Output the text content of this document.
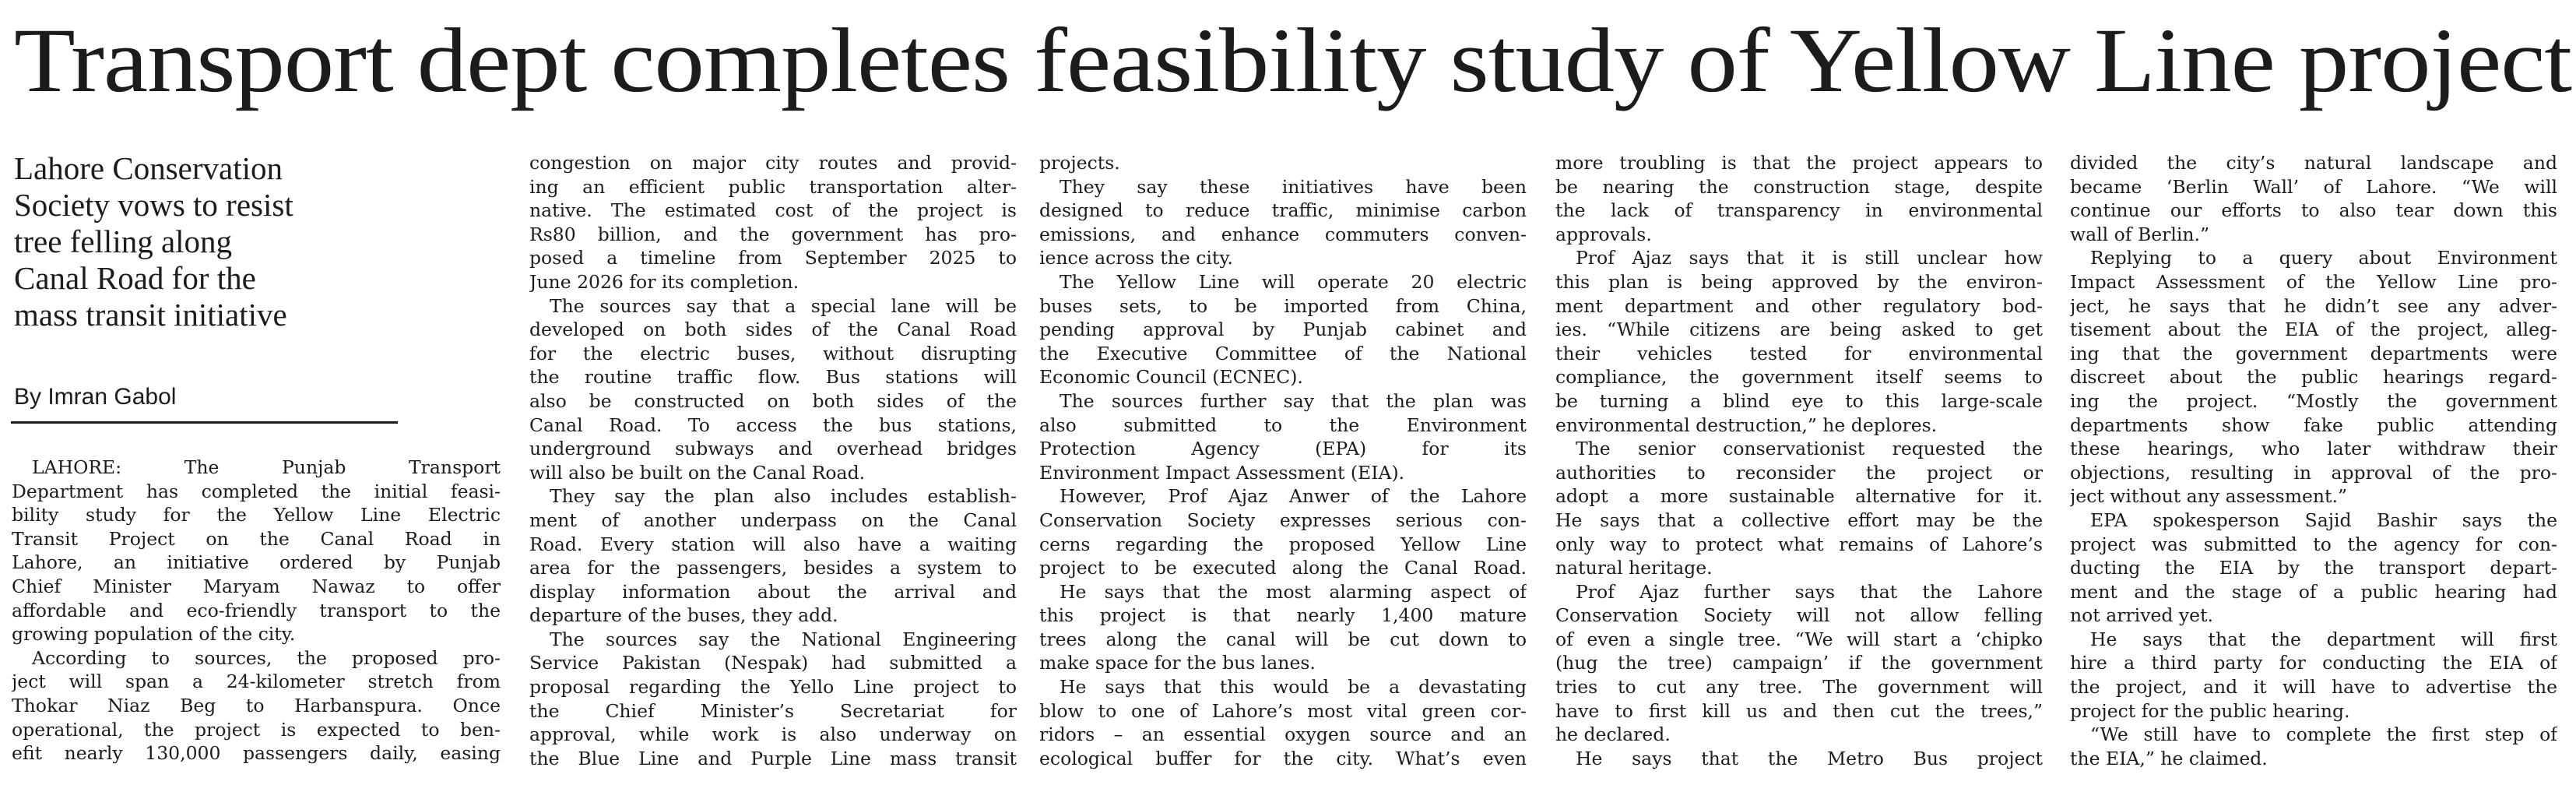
Transport dept completes feasibility study of Yellow Line project
Lahore Conservation
Society vows to resist
tree felling along
Canal Road for the
mass transit initiative
By Imran Gabol
LAHORE: The Punjab Transport
Department has completed the initial feasi-
bility study for the Yellow Line Electric
Transit Project on the Canal Road in
Lahore, an initiative ordered by Punjab
Chief Minister Maryam Nawaz to offer
affordable and eco-friendly transport to the
growing population of the city.
According to sources, the proposed pro-
ject will span a 24-kilometer stretch from
Thokar Niaz Beg to Harbanspura. Once
operational, the project is expected to ben-
efit nearly 130,000 passengers daily, easing
congestion on major city routes and provid-
ing an efficient public transportation alter-
native. The estimated cost of the project is
Rs80 billion, and the government has pro-
posed a timeline from September 2025 to
June 2026 for its completion.
The sources say that a special lane will be
developed on both sides of the Canal Road
for the electric buses, without disrupting
the routine traffic flow. Bus stations will
also be constructed on both sides of the
Canal Road. To access the bus stations,
underground subways and overhead bridges
will also be built on the Canal Road.
They say the plan also includes establish-
ment of another underpass on the Canal
Road. Every station will also have a waiting
area for the passengers, besides a system to
display information about the arrival and
departure of the buses, they add.
The sources say the National Engineering
Service Pakistan (Nespak) had submitted a
proposal regarding the Yello Line project to
the Chief Minister’s Secretariat for
approval, while work is also underway on
the Blue Line and Purple Line mass transit
projects.
They say these initiatives have been
designed to reduce traffic, minimise carbon
emissions, and enhance commuters conven-
ience across the city.
The Yellow Line will operate 20 electric
buses sets, to be imported from China,
pending approval by Punjab cabinet and
the Executive Committee of the National
Economic Council (ECNEC).
The sources further say that the plan was
also submitted to the Environment
Protection Agency (EPA) for its
Environment Impact Assessment (EIA).
However, Prof Ajaz Anwer of the Lahore
Conservation Society expresses serious con-
cerns regarding the proposed Yellow Line
project to be executed along the Canal Road.
He says that the most alarming aspect of
this project is that nearly 1,400 mature
trees along the canal will be cut down to
make space for the bus lanes.
He says that this would be a devastating
blow to one of Lahore’s most vital green cor-
ridors – an essential oxygen source and an
ecological buffer for the city. What’s even
more troubling is that the project appears to
be nearing the construction stage, despite
the lack of transparency in environmental
approvals.
Prof Ajaz says that it is still unclear how
this plan is being approved by the environ-
ment department and other regulatory bod-
ies. “While citizens are being asked to get
their vehicles tested for environmental
compliance, the government itself seems to
be turning a blind eye to this large-scale
environmental destruction,” he deplores.
The senior conservationist requested the
authorities to reconsider the project or
adopt a more sustainable alternative for it.
He says that a collective effort may be the
only way to protect what remains of Lahore’s
natural heritage.
Prof Ajaz further says that the Lahore
Conservation Society will not allow felling
of even a single tree. “We will start a ‘chipko
(hug the tree) campaign’ if the government
tries to cut any tree. The government will
have to first kill us and then cut the trees,”
he declared.
He says that the Metro Bus project
divided the city’s natural landscape and
became ‘Berlin Wall’ of Lahore. “We will
continue our efforts to also tear down this
wall of Berlin.”
Replying to a query about Environment
Impact Assessment of the Yellow Line pro-
ject, he says that he didn’t see any adver-
tisement about the EIA of the project, alleg-
ing that the government departments were
discreet about the public hearings regard-
ing the project. “Mostly the government
departments show fake public attending
these hearings, who later withdraw their
objections, resulting in approval of the pro-
ject without any assessment.”
EPA spokesperson Sajid Bashir says the
project was submitted to the agency for con-
ducting the EIA by the transport depart-
ment and the stage of a public hearing had
not arrived yet.
He says that the department will first
hire a third party for conducting the EIA of
the project, and it will have to advertise the
project for the public hearing.
“We still have to complete the first step of
the EIA,” he claimed.
